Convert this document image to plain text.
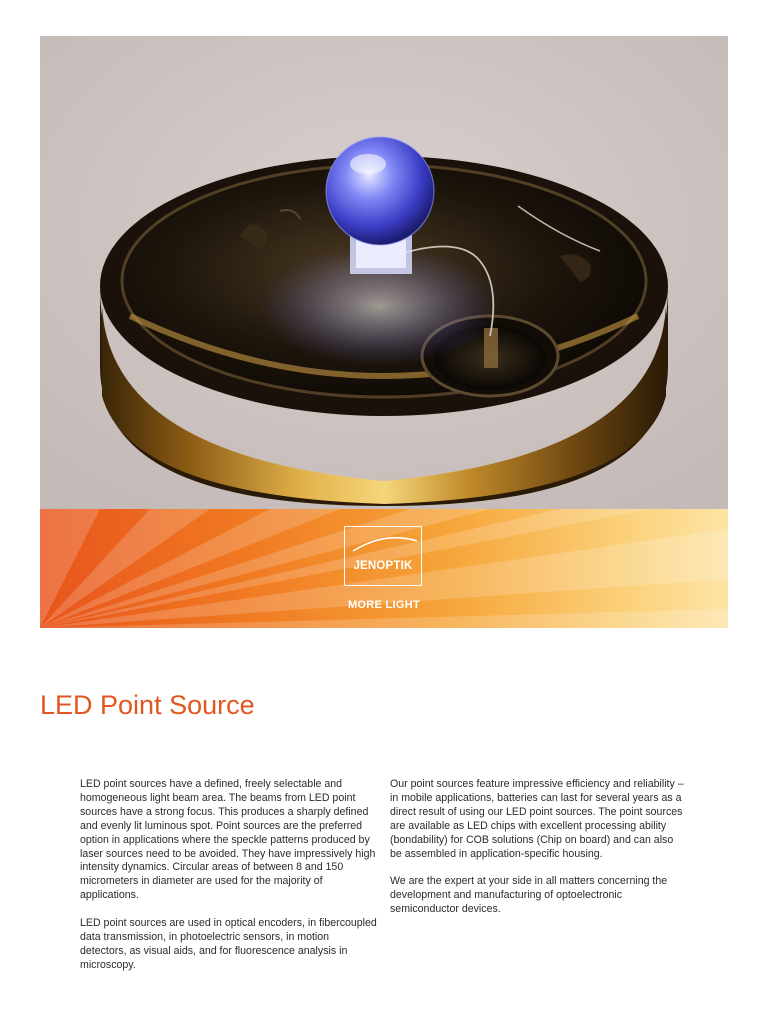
JENOPTIK
MORE LIGHT
LED Point Source

LED point sources have a defined, freely selectable and homogeneous light beam area. The beams from LED point sources have a strong focus. This produces a sharply defined and evenly lit luminous spot. Point sources are the preferred option in applications where the speckle patterns produced by laser sources need to be avoided. They have impressively high intensity dynamics. Circular areas of between 8 and 150 micrometers in diameter are used for the majority of applications.

LED point sources are used in optical encoders, in fibercoupled data transmission, in photoelectric sensors, in motion detectors, as visual aids, and for fluorescence analysis in microscopy.

Our point sources feature impressive efficiency and reliability – in mobile applications, batteries can last for several years as a direct result of using our LED point sources. The point sources are available as LED chips with excellent processing ability (bondability) for COB solutions (Chip on board) and can also be assembled in application-specific housing.

We are the expert at your side in all matters concerning the development and manufacturing of optoelectronic semiconductor devices.
